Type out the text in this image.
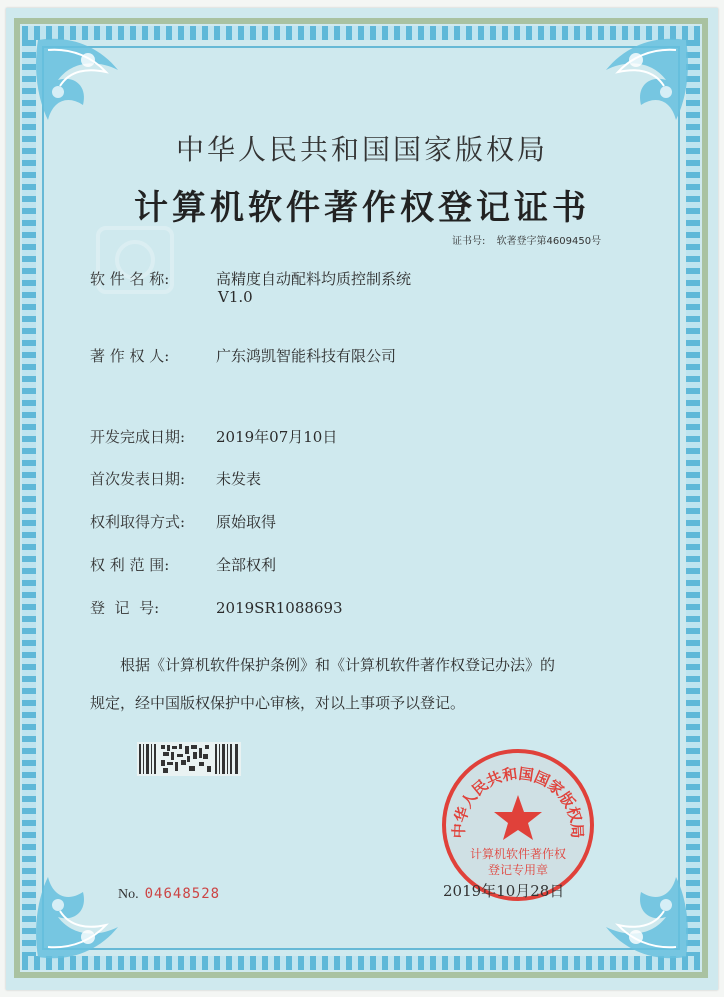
中华人民共和国国家版权局
计算机软件著作权登记证书
证书号: 软著登字第4609450号
软 件 名 称:	高精度自动配料均质控制系统
V1.0
著 作 权 人:	广东鸿凯智能科技有限公司
开发完成日期: 2019年07月10日
首次发表日期: 未发表
权利取得方式: 原始取得
权 利 范 围:	全部权利
登  记  号:	2019SR1088693
根据《计算机软件保护条例》和《计算机软件著作权登记办法》的
规定，经中国版权保护中心审核，对以上事项予以登记。
No. 04648528
中华人民共和国国家版权局
计算机软件著作权
登记专用章
2019年10月28日
